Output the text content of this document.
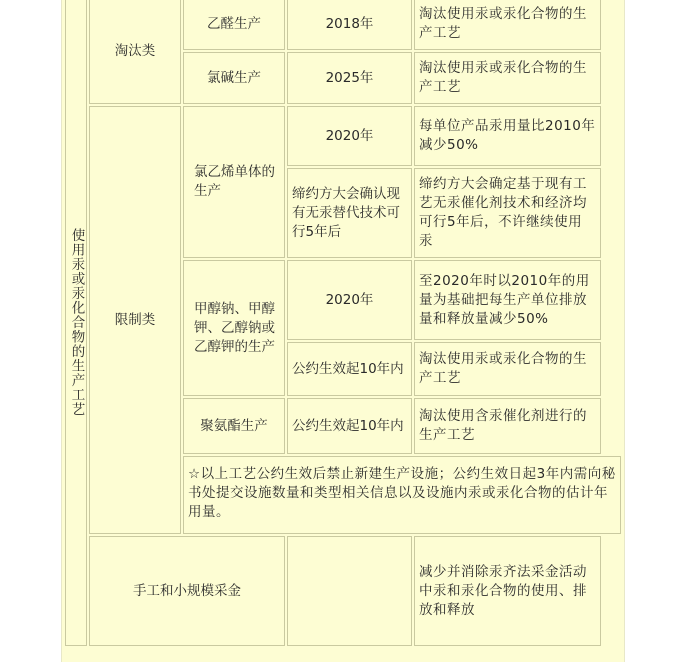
使用汞或汞化合物的生产工艺	淘汰类	乙醛生产	2018年	淘汰使用汞或汞化合物的生产工艺
		氯碱生产	2025年	淘汰使用汞或汞化合物的生产工艺
	限制类	氯乙烯单体的生产	2020年	每单位产品汞用量比2010年减少50%
			缔约方大会确认现有无汞替代技术可行5年后	缔约方大会确定基于现有工艺无汞催化剂技术和经济均可行5年后，不许继续使用汞
		甲醇钠、甲醇钾、乙醇钠或乙醇钾的生产	2020年	至2020年时以2010年的用量为基础把每生产单位排放量和释放量减少50%
			公约生效起10年内	淘汰使用汞或汞化合物的生产工艺
		聚氨酯生产	公约生效起10年内	淘汰使用含汞催化剂进行的生产工艺
		☆以上工艺公约生效后禁止新建生产设施；公约生效日起3年内需向秘书处提交设施数量和类型相关信息以及设施内汞或汞化合物的估计年用量。		
	手工和小规模采金			减少并消除汞齐法采金活动中汞和汞化合物的使用、排放和释放
